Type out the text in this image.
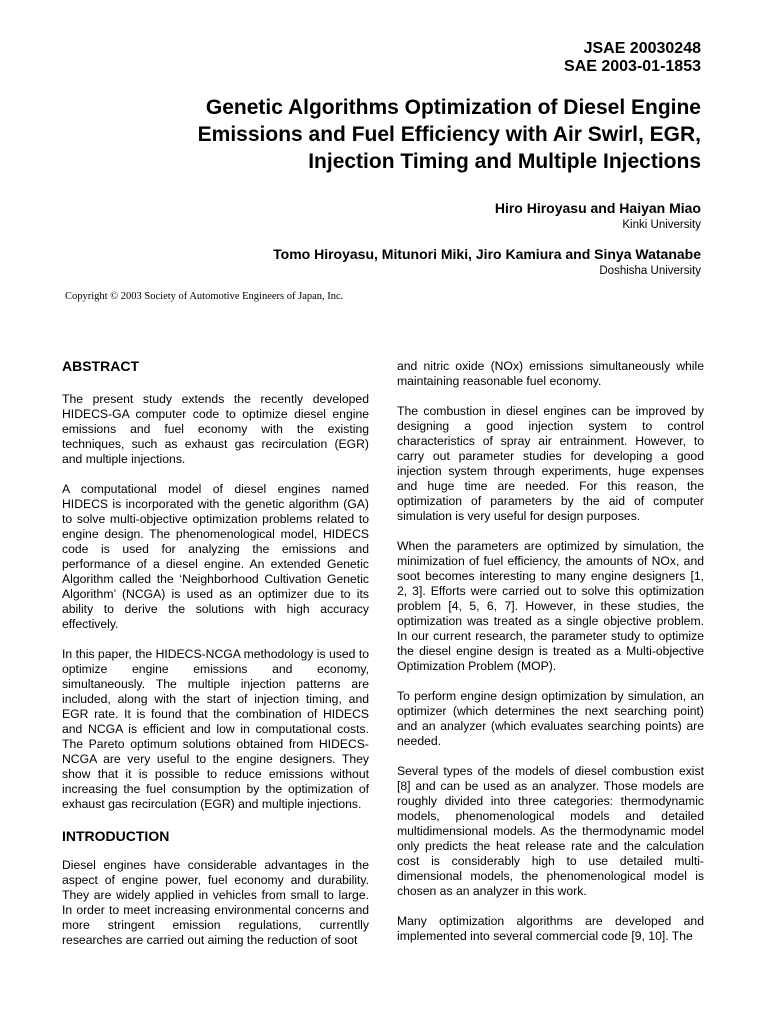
JSAE 20030248
SAE 2003-01-1853
Genetic Algorithms Optimization of Diesel Engine
Emissions and Fuel Efficiency with Air Swirl, EGR,
Injection Timing and Multiple Injections
Hiro Hiroyasu and Haiyan Miao
Kinki University
Tomo Hiroyasu, Mitunori Miki, Jiro Kamiura and Sinya Watanabe
Doshisha University
Copyright © 2003 Society of Automotive Engineers of Japan, Inc.
ABSTRACT

The present study extends the recently developed HIDECS-GA computer code to optimize diesel engine emissions and fuel economy with the existing techniques, such as exhaust gas recirculation (EGR) and multiple injections.

A computational model of diesel engines named HIDECS is incorporated with the genetic algorithm (GA) to solve multi-objective optimization problems related to engine design. The phenomenological model, HIDECS code is used for analyzing the emissions and performance of a diesel engine. An extended Genetic Algorithm called the ‘Neighborhood Cultivation Genetic Algorithm’ (NCGA) is used as an optimizer due to its ability to derive the solutions with high accuracy effectively.

In this paper, the HIDECS-NCGA methodology is used to optimize engine emissions and economy, simultaneously. The multiple injection patterns are included, along with the start of injection timing, and EGR rate. It is found that the combination of HIDECS and NCGA is efficient and low in computational costs. The Pareto optimum solutions obtained from HIDECS-NCGA are very useful to the engine designers. They show that it is possible to reduce emissions without increasing the fuel consumption by the optimization of exhaust gas recirculation (EGR) and multiple injections.

INTRODUCTION

Diesel engines have considerable advantages in the aspect of engine power, fuel economy and durability. They are widely applied in vehicles from small to large. In order to meet increasing environmental concerns and more stringent emission regulations, currentlly researches are carried out aiming the reduction of soot

and nitric oxide (NOx) emissions simultaneously while maintaining reasonable fuel economy.

The combustion in diesel engines can be improved by designing a good injection system to control characteristics of spray air entrainment. However, to carry out parameter studies for developing a good injection system through experiments, huge expenses and huge time are needed. For this reason, the optimization of parameters by the aid of computer simulation is very useful for design purposes.

When the parameters are optimized by simulation, the minimization of fuel efficiency, the amounts of NOx, and soot becomes interesting to many engine designers [1, 2, 3]. Efforts were carried out to solve this optimization problem [4, 5, 6, 7]. However, in these studies, the optimization was treated as a single objective problem. In our current research, the parameter study to optimize the diesel engine design is treated as a Multi-objective Optimization Problem (MOP).

To perform engine design optimization by simulation, an optimizer (which determines the next searching point) and an analyzer (which evaluates searching points) are needed.

Several types of the models of diesel combustion exist [8] and can be used as an analyzer. Those models are roughly divided into three categories: thermodynamic models, phenomenological models and detailed multidimensional models. As the thermodynamic model only predicts the heat release rate and the calculation cost is considerably high to use detailed multi-dimensional models, the phenomenological model is chosen as an analyzer in this work.

Many optimization algorithms are developed and implemented into several commercial code [9, 10]. The
